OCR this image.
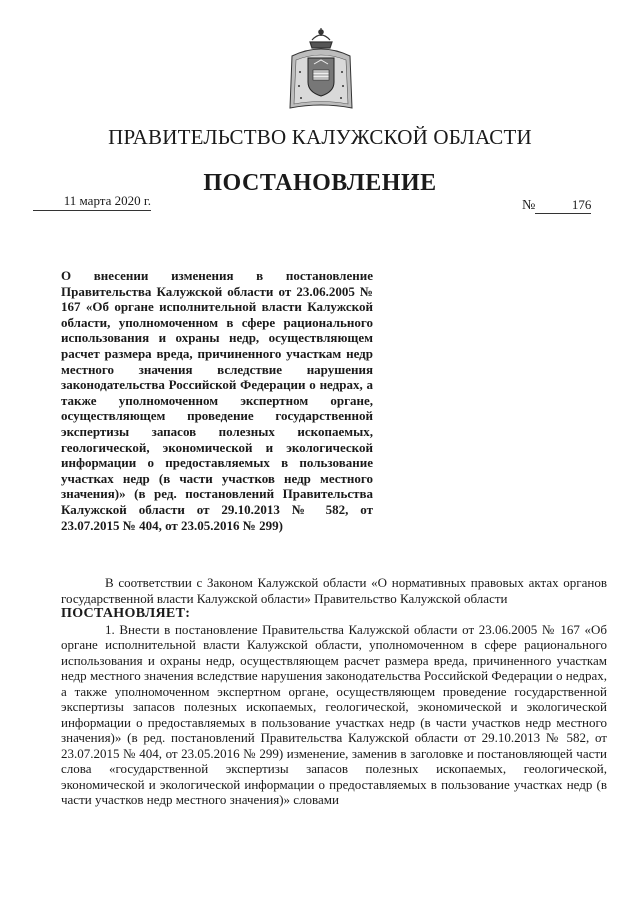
ПРАВИТЕЛЬСТВО КАЛУЖСКОЙ ОБЛАСТИ
ПОСТАНОВЛЕНИЕ
11 марта 2020 г.	№	176
О внесении изменения в постановление Правительства Калужской области от 23.06.2005 № 167 «Об органе исполнительной власти Калужской области, уполномоченном в сфере рационального использования и охраны недр, осуществляющем расчет размера вреда, причиненного участкам недр местного значения вследствие нарушения законодательства Российской Федерации о недрах, а также уполномоченном экспертном органе, осуществляющем проведение государственной экспертизы запасов полезных ископаемых, геологической, экономической и экологической информации о предоставляемых в пользование участках недр (в части участков недр местного значения)» (в ред. постановлений Правительства Калужской области от 29.10.2013 № 582, от 23.07.2015 № 404, от 23.05.2016 № 299)

В соответствии с Законом Калужской области «О нормативных правовых актах органов государственной власти Калужской области» Правительство Калужской области

ПОСТАНОВЛЯЕТ:

1. Внести в постановление Правительства Калужской области от 23.06.2005 № 167 «Об органе исполнительной власти Калужской области, уполномоченном в сфере рационального использования и охраны недр, осуществляющем расчет размера вреда, причиненного участкам недр местного значения вследствие нарушения законодательства Российской Федерации о недрах, а также уполномоченном экспертном органе, осуществляющем проведение государственной экспертизы запасов полезных ископаемых, геологической, экономической и экологической информации о предоставляемых в пользование участках недр (в части участков недр местного значения)» (в ред. постановлений Правительства Калужской области от 29.10.2013 № 582, от 23.07.2015 № 404, от 23.05.2016 № 299) изменение, заменив в заголовке и постановляющей части слова «государственной экспертизы запасов полезных ископаемых, геологической, экономической и экологической информации о предоставляемых в пользование участках недр (в части участков недр местного значения)» словами
